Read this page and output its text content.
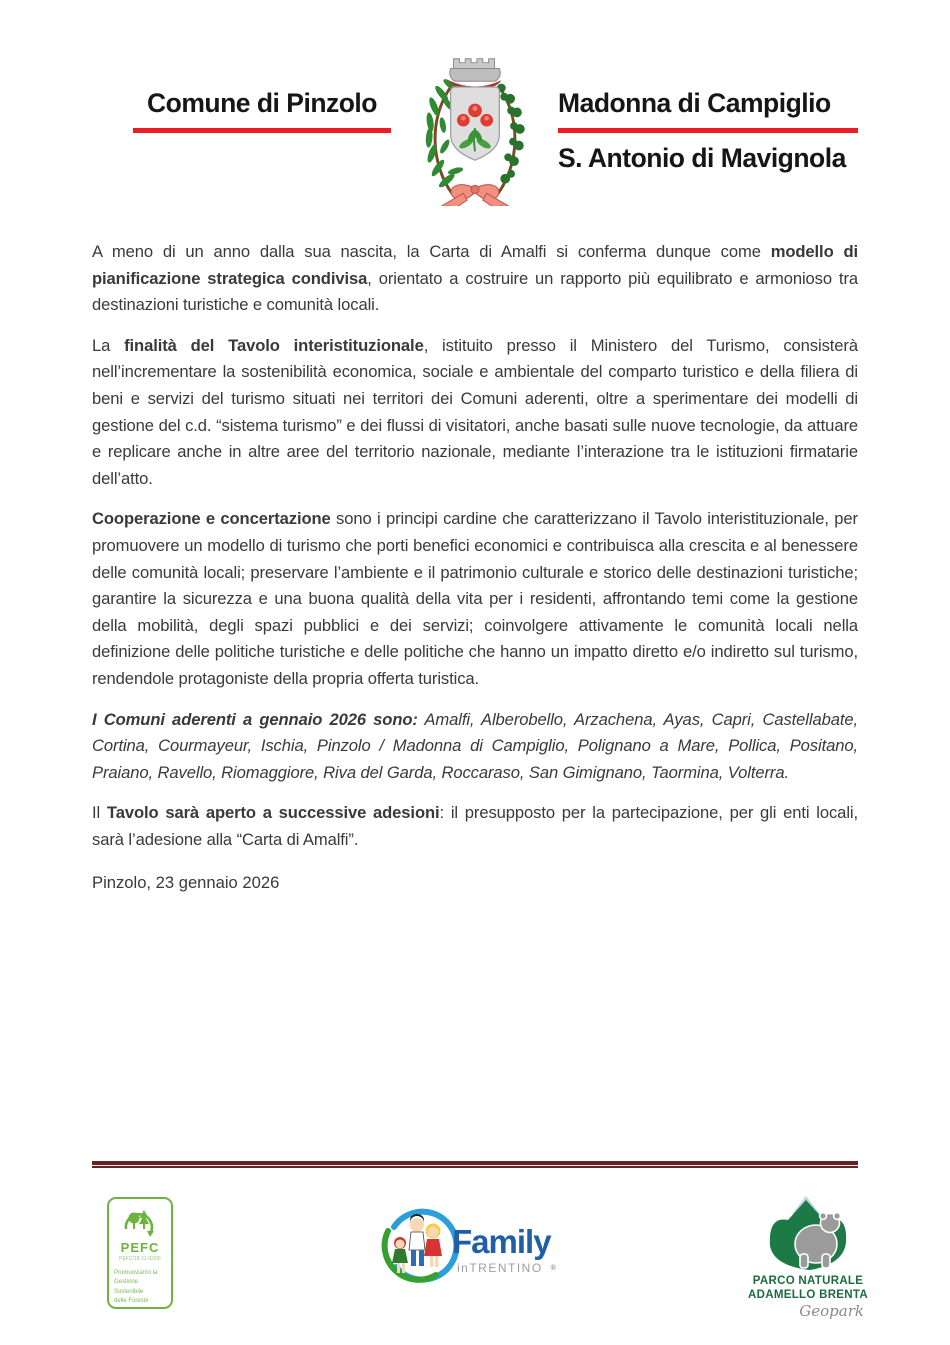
Comune di Pinzolo	Madonna di Campiglio
S. Antonio di Mavignola

A meno di un anno dalla sua nascita, la Carta di Amalfi si conferma dunque come modello di pianificazione strategica condivisa, orientato a costruire un rapporto più equilibrato e armonioso tra destinazioni turistiche e comunità locali.

La finalità del Tavolo interistituzionale, istituito presso il Ministero del Turismo, consisterà nell’incrementare la sostenibilità economica, sociale e ambientale del comparto turistico e della filiera di beni e servizi del turismo situati nei territori dei Comuni aderenti, oltre a sperimentare dei modelli di gestione del c.d. “sistema turismo” e dei flussi di visitatori, anche basati sulle nuove tecnologie, da attuare e replicare anche in altre aree del territorio nazionale, mediante l’interazione tra le istituzioni firmatarie dell’atto.

Cooperazione e concertazione sono i principi cardine che caratterizzano il Tavolo interistituzionale, per promuovere un modello di turismo che porti benefici economici e contribuisca alla crescita e al benessere delle comunità locali; preservare l’ambiente e il patrimonio culturale e storico delle destinazioni turistiche; garantire la sicurezza e una buona qualità della vita per i residenti, affrontando temi come la gestione della mobilità, degli spazi pubblici e dei servizi; coinvolgere attivamente le comunità locali nella definizione delle politiche turistiche e delle politiche che hanno un impatto diretto e/o indiretto sul turismo, rendendole protagoniste della propria offerta turistica.

I Comuni aderenti a gennaio 2026 sono: Amalfi, Alberobello, Arzachena, Ayas, Capri, Castellabate, Cortina, Courmayeur, Ischia, Pinzolo / Madonna di Campiglio, Polignano a Mare, Pollica, Positano, Praiano, Ravello, Riomaggiore, Riva del Garda, Roccaraso, San Gimignano, Taormina, Volterra.

Il Tavolo sarà aperto a successive adesioni: il presupposto per la partecipazione, per gli enti locali, sarà l’adesione alla “Carta di Amalfi”.

Pinzolo, 23 gennaio 2026
PEFC
PEFC/18-21-02/05
Promuoviamo la
Gestione Sostenibile
delle Foreste
Family
inTRENTINO ®
PARCO NATURALE
ADAMELLO BRENTA
Geopark
